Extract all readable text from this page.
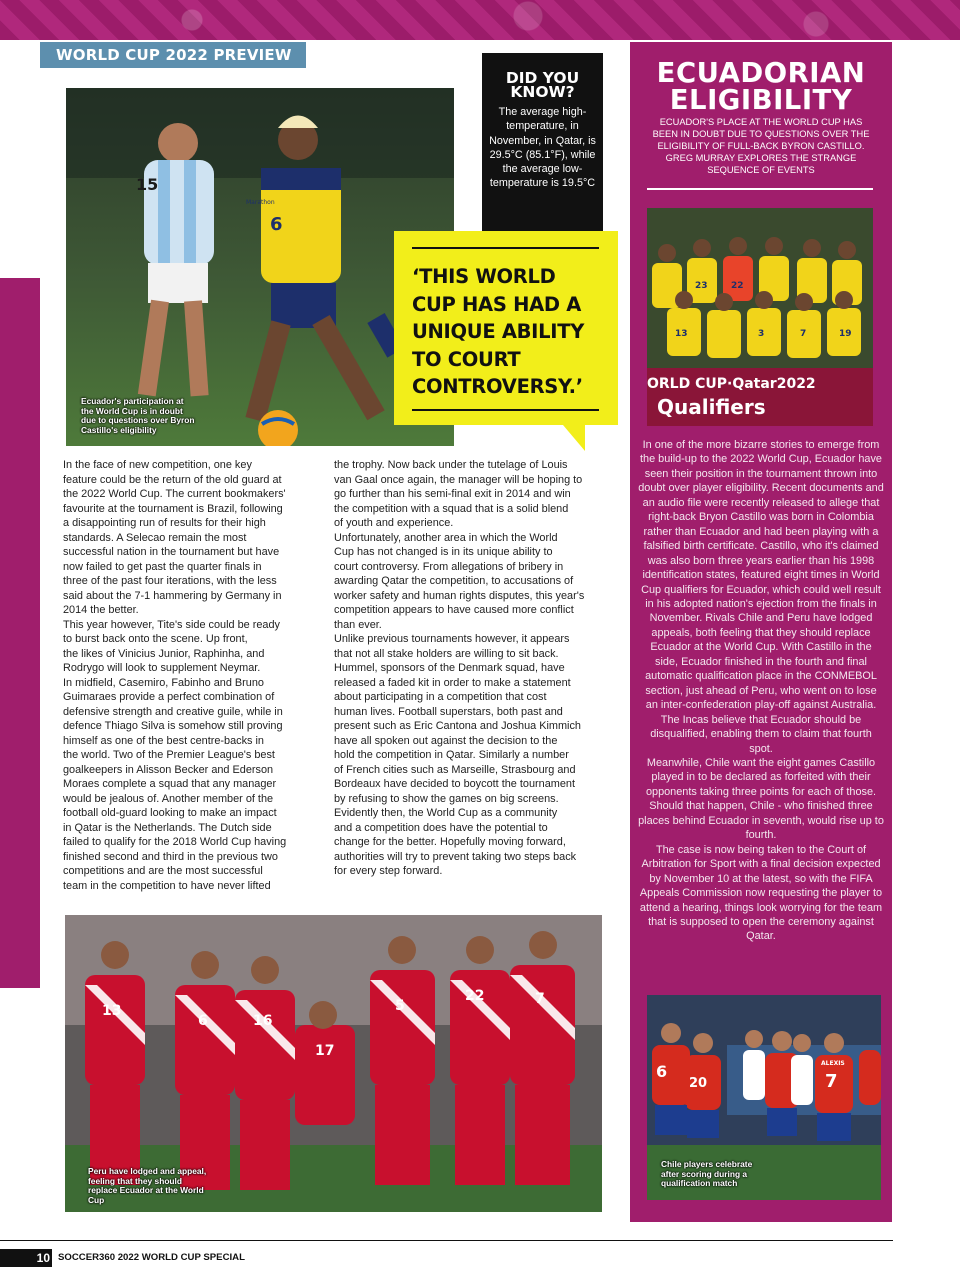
WORLD CUP 2022 PREVIEW
15
Marathon
6
Ecuador's participation at the World Cup is in doubt due to questions over Byron Castillo's eligibility
DID YOU
KNOW?
The average high-temperature, in November, in Qatar, is 29.5°C (85.1°F), while the average low-temperature is 19.5°C
‘THIS WORLD CUP HAS HAD A UNIQUE ABILITY TO COURT CONTROVERSY.’
In the face of new competition, one key
feature could be the return of the old guard at
the 2022 World Cup. The current bookmakers'
favourite at the tournament is Brazil, following
a disappointing run of results for their high
standards. A Selecao remain the most
successful nation in the tournament but have
now failed to get past the quarter finals in
three of the past four iterations, with the less
said about the 7-1 hammering by Germany in
2014 the better.
This year however, Tite's side could be ready
to burst back onto the scene. Up front,
the likes of Vinicius Junior, Raphinha, and
Rodrygo will look to supplement Neymar.
In midfield, Casemiro, Fabinho and Bruno
Guimaraes provide a perfect combination of
defensive strength and creative guile, while in
defence Thiago Silva is somehow still proving
himself as one of the best centre-backs in
the world. Two of the Premier League's best
goalkeepers in Alisson Becker and Ederson
Moraes complete a squad that any manager
would be jealous of. Another member of the
football old-guard looking to make an impact
in Qatar is the Netherlands. The Dutch side
failed to qualify for the 2018 World Cup having
finished second and third in the previous two
competitions and are the most successful
team in the competition to have never lifted
the trophy. Now back under the tutelage of Louis
van Gaal once again, the manager will be hoping to
go further than his semi-final exit in 2014 and win
the competition with a squad that is a solid blend
of youth and experience.
Unfortunately, another area in which the World
Cup has not changed is in its unique ability to
court controversy. From allegations of bribery in
awarding Qatar the competition, to accusations of
worker safety and human rights disputes, this year's
competition appears to have caused more conflict
than ever.
Unlike previous tournaments however, it appears
that not all stake holders are willing to sit back.
Hummel, sponsors of the Denmark squad, have
released a faded kit in order to make a statement
about participating in a competition that cost
human lives. Football superstars, both past and
present such as Eric Cantona and Joshua Kimmich
have all spoken out against the decision to the
hold the competition in Qatar. Similarly a number
of French cities such as Marseille, Strasbourg and
Bordeaux have decided to boycott the tournament
by refusing to show the games on big screens.
Evidently then, the World Cup as a community
and a competition does have the potential to
change for the better. Hopefully moving forward,
authorities will try to prevent taking two steps back
for every step forward.
13
6	16
17
5
22	7
Peru have lodged and appeal, feeling that they should replace Ecuador at the World Cup
ECUADORIAN
ELIGIBILITY
ECUADOR'S PLACE AT THE WORLD CUP HAS BEEN IN DOUBT DUE TO QUESTIONS OVER THE ELIGIBILITY OF FULL-BACK BYRON CASTILLO. GREG MURRAY EXPLORES THE STRANGE SEQUENCE OF EVENTS
23	22
13	3	7	19
ORLD CUP·Qatar2022
Qualifiers
In one of the more bizarre stories to emerge from the build-up to the 2022 World Cup, Ecuador have seen their position in the tournament thrown into doubt over player eligibility. Recent documents and an audio file were recently released to allege that right-back Bryon Castillo was born in Colombia rather than Ecuador and had been playing with a falsified birth certificate. Castillo, who it's claimed was also born three years earlier than his 1998 identification states, featured eight times in World Cup qualifiers for Ecuador, which could well result in his adopted nation's ejection from the finals in November. Rivals Chile and Peru have lodged appeals, both feeling that they should replace Ecuador at the World Cup. With Castillo in the side, Ecuador finished in the fourth and final automatic qualification place in the CONMEBOL section, just ahead of Peru, who went on to lose an inter-confederation play-off against Australia. The Incas believe that Ecuador should be disqualified, enabling them to claim that fourth spot.
Meanwhile, Chile want the eight games Castillo played in to be declared as forfeited with their opponents taking three points for each of those. Should that happen, Chile - who finished three places behind Ecuador in seventh, would rise up to fourth.
The case is now being taken to the Court of Arbitration for Sport with a final decision expected by November 10 at the latest, so with the FIFA Appeals Commission now requesting the player to attend a hearing, things look worrying for the team that is supposed to open the ceremony against Qatar.
6
20	7
ALEXIS
Chile players celebrate after scoring during a qualification match
10 SOCCER360 2022 WORLD CUP SPECIAL
